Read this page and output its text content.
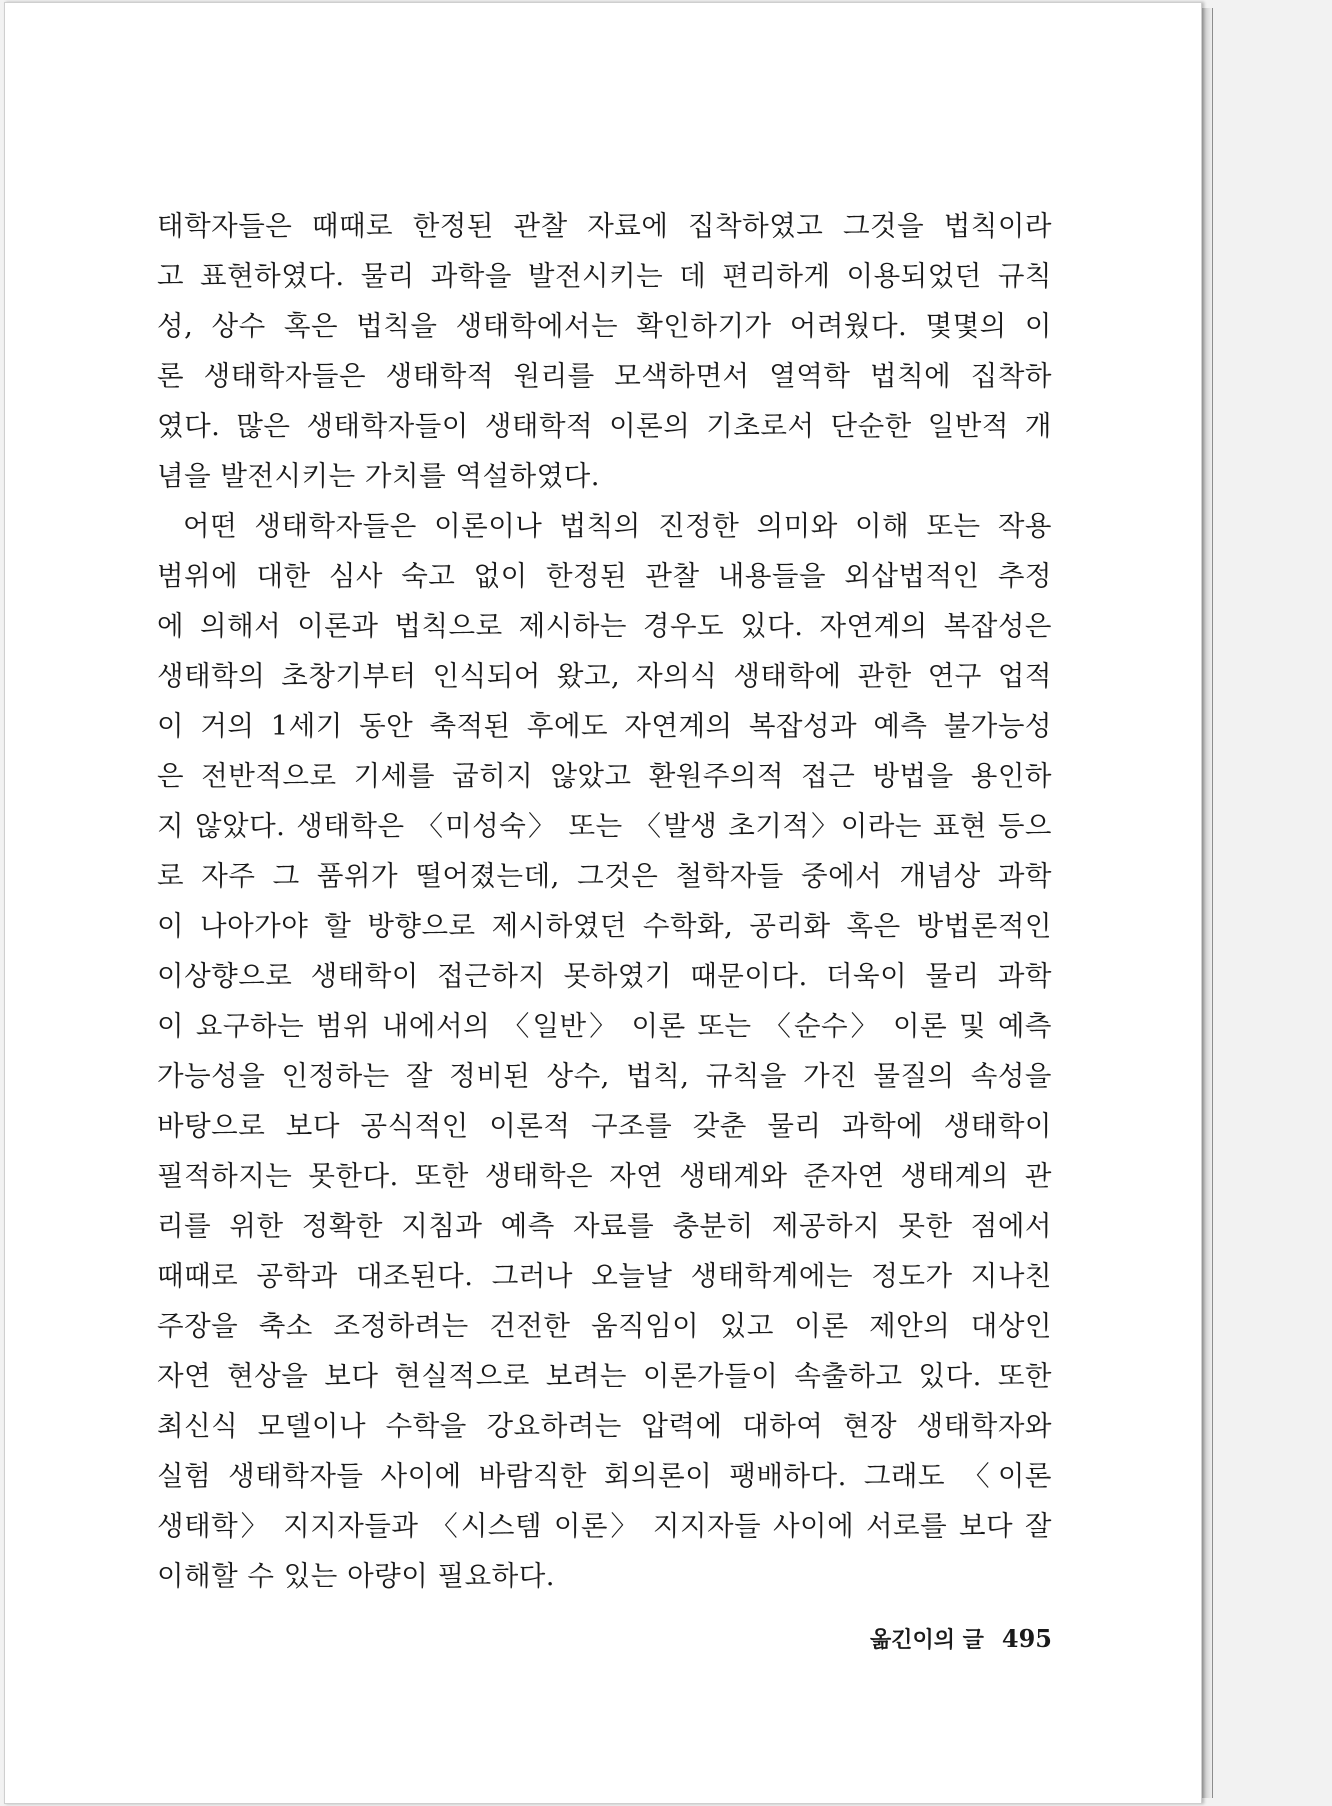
태학자들은 때때로 한정된 관찰 자료에 집착하였고 그것을 법칙이라
고 표현하였다. 물리 과학을 발전시키는 데 편리하게 이용되었던 규칙
성, 상수 혹은 법칙을 생태학에서는 확인하기가 어려웠다. 몇몇의 이
론 생태학자들은 생태학적 원리를 모색하면서 열역학 법칙에 집착하
였다. 많은 생태학자들이 생태학적 이론의 기초로서 단순한 일반적 개
념을 발전시키는 가치를 역설하였다.
어떤 생태학자들은 이론이나 법칙의 진정한 의미와 이해 또는 작용
범위에 대한 심사 숙고 없이 한정된 관찰 내용들을 외삽법적인 추정
에 의해서 이론과 법칙으로 제시하는 경우도 있다. 자연계의 복잡성은
생태학의 초창기부터 인식되어 왔고, 자의식 생태학에 관한 연구 업적
이 거의 1세기 동안 축적된 후에도 자연계의 복잡성과 예측 불가능성
은 전반적으로 기세를 굽히지 않았고 환원주의적 접근 방법을 용인하
지 않았다. 생태학은 〈미성숙〉 또는 〈발생 초기적〉이라는 표현 등으
로 자주 그 품위가 떨어졌는데, 그것은 철학자들 중에서 개념상 과학
이 나아가야 할 방향으로 제시하였던 수학화, 공리화 혹은 방법론적인
이상향으로 생태학이 접근하지 못하였기 때문이다. 더욱이 물리 과학
이 요구하는 범위 내에서의 〈일반〉 이론 또는 〈순수〉 이론 및 예측
가능성을 인정하는 잘 정비된 상수, 법칙, 규칙을 가진 물질의 속성을
바탕으로 보다 공식적인 이론적 구조를 갖춘 물리 과학에 생태학이
필적하지는 못한다. 또한 생태학은 자연 생태계와 준자연 생태계의 관
리를 위한 정확한 지침과 예측 자료를 충분히 제공하지 못한 점에서
때때로 공학과 대조된다. 그러나 오늘날 생태학계에는 정도가 지나친
주장을 축소 조정하려는 건전한 움직임이 있고 이론 제안의 대상인
자연 현상을 보다 현실적으로 보려는 이론가들이 속출하고 있다. 또한
최신식 모델이나 수학을 강요하려는 압력에 대하여 현장 생태학자와
실험 생태학자들 사이에 바람직한 회의론이 팽배하다. 그래도 〈이론
생태학〉 지지자들과 〈시스템 이론〉 지지자들 사이에 서로를 보다 잘
이해할 수 있는 아량이 필요하다.
옮긴이의 글 495
